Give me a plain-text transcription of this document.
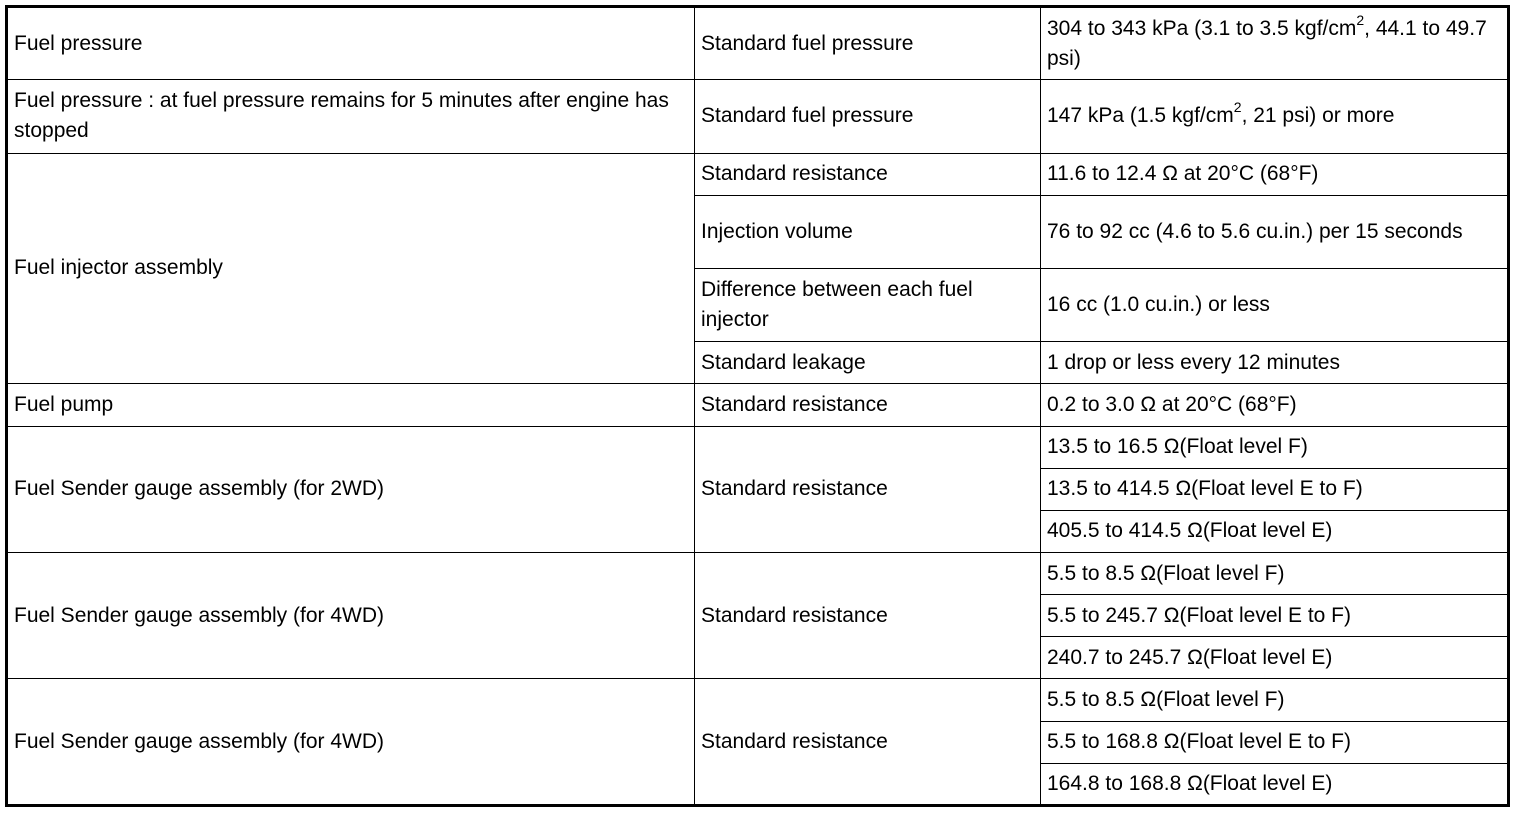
Fuel pressure	Standard fuel pressure	304 to 343 kPa (3.1 to 3.5 kgf/$cm^2$, 44.1 to 49.7 psi)
Fuel pressure : at fuel pressure remains for 5 minutes after engine has stopped	Standard fuel pressure	147 kPa (1.5 kgf/$cm^2$, 21 psi) or more
Fuel injector assembly	Standard resistance	11.6 to 12.4 Ω at 20°C (68°F)
	Injection volume	76 to 92 cc (4.6 to 5.6 cu.in.) per 15 seconds
	Difference between each fuel injector	16 cc (1.0 cu.in.) or less
	Standard leakage	1 drop or less every 12 minutes
Fuel pump	Standard resistance	0.2 to 3.0 Ω at 20°C (68°F)
Fuel Sender gauge assembly (for 2WD)	Standard resistance	13.5 to 16.5 Ω(Float level F)
		13.5 to 414.5 Ω(Float level E to F)
		405.5 to 414.5 Ω(Float level E)
Fuel Sender gauge assembly (for 4WD)	Standard resistance	5.5 to 8.5 Ω(Float level F)
		5.5 to 245.7 Ω(Float level E to F)
		240.7 to 245.7 Ω(Float level E)
Fuel Sender gauge assembly (for 4WD)	Standard resistance	5.5 to 8.5 Ω(Float level F)
		5.5 to 168.8 Ω(Float level E to F)
		164.8 to 168.8 Ω(Float level E)
